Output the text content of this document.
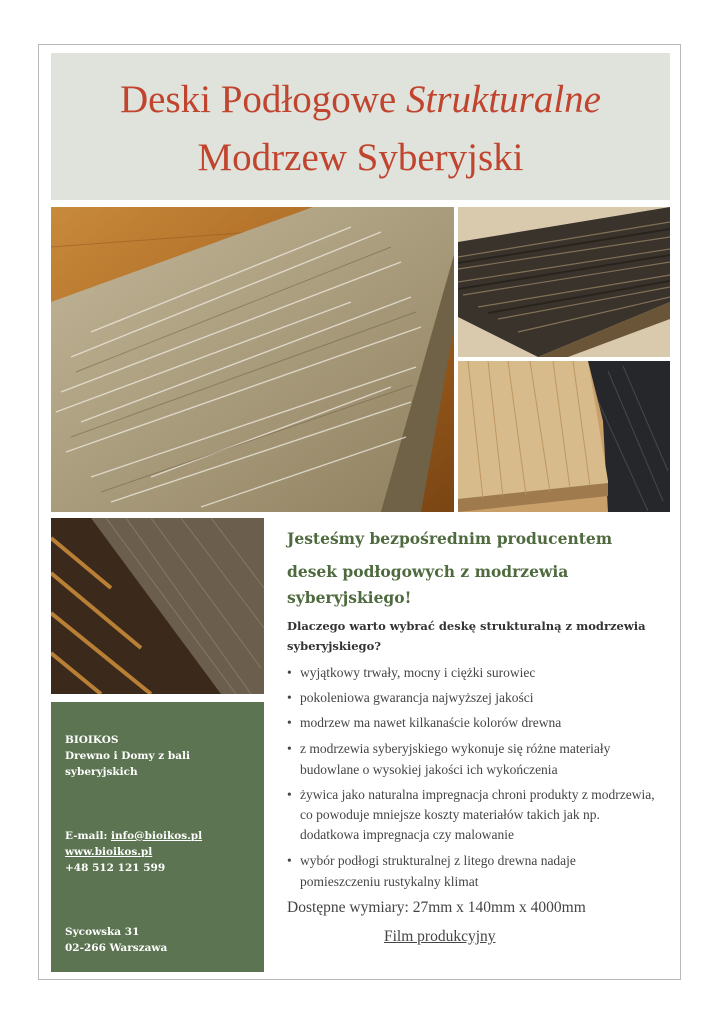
Deski Podłogowe Strukturalne
Modrzew Syberyjski
BIOIKOS
Drewno i Domy z bali
syberyjskich
E-mail: info@bioikos.pl
www.bioikos.pl
+48 512 121 599
Sycowska 31
02-266 Warszawa
Jesteśmy bezpośrednim producentem
desek podłogowych z modrzewia
syberyjskiego!
Dlaczego warto wybrać deskę strukturalną z modrzewia
syberyjskiego?
• wyjątkowy trwały, mocny i ciężki surowiec
• pokoleniowa gwarancja najwyższej jakości
• modrzew ma nawet kilkanaście kolorów drewna
• z modrzewia syberyjskiego wykonuje się różne materiały
budowlane o wysokiej jakości ich wykończenia
• żywica jako naturalna impregnacja chroni produkty z modrzewia,
co powoduje mniejsze koszty materiałów takich jak np.
dodatkowa impregnacja czy malowanie
• wybór podłogi strukturalnej z litego drewna nadaje
pomieszczeniu rustykalny klimat
Dostępne wymiary: 27mm x 140mm x 4000mm
Film produkcyjny
